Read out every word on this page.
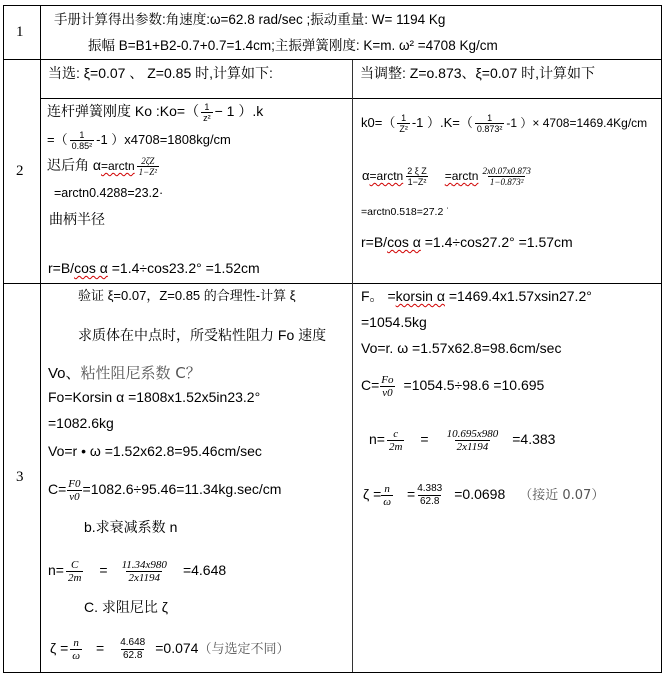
1
2
3
手册计算得出参数:角速度:ω=62.8 rad/sec ;振动重量: W= 1194 Kg
振幅 B=B1+B2-0.7+0.7=1.4cm;主振弹簧刚度: K=m. ω² =4708 Kg/cm
当选: ξ=0.07 、 Z=0.85 时,计算如下:	当调整: Z=o.873、ξ=0.07 时,计算如下
连杆弹簧刚度 Ko :Ko=（ $\frac{1}{\text{z²}} - 1$ ）.k
=（ $\frac{1}{\text{0.85²}} -1$ ）x4708=1808kg/cm
迟后角 α=arctn $\frac{2\zeta Z}{\text{1−Z²}}$
=arctn0.4288=23.2·
曲柄半径
r=B/cos α =1.4÷cos23.2° =1.52cm
$k0=( \frac{1}{\text{Z²}} -1$ ）$.K=( \frac{1}{\text{0.873²}} -1$ ）× 4708=1469.4Kg/cm
α=arctn $\frac{\text{2 ξ Z}}{\text{1−Z²}}$ =arctn $\frac{2x0.07x0.873}{\text{1−0.873²}}$
=arctn0.518=27.2 ˙
r=B/cos α =1.4÷cos27.2° =1.57cm
验证 ξ=0.07，Z=0.85 的合理性-计算 ξ
求质体在中点时，所受粘性阻力 Fo 速度
Vo、粘性阻尼系数 C？
Fo=Korsin α =1808x1.52x5in23.2°
=1082.6kg
Vo=r • ω =1.52x62.8=95.46cm/sec
$C= \frac{F0}{v0} =1082.6\div 95.46=11.34kg.\sec/cm$
b.求衰减系数 n
$n= \frac{C}{2m} = \frac{11.34x980}{2x1194} =4.648$
C. 求阻尼比 ζ
$\zeta = \frac{n}{\omega} = \frac{4.648}{62.8} =0.074$（与选定不同）
F。 =korsin α =1469.4x1.57xsin27.2°
=1054.5kg
Vo=r. ω =1.57x62.8=98.6cm/sec
$C= \frac{Fo}{v0} =1054.5\div 98.6 =10.695$
$n= \frac{c}{2m} = \frac{10.695x980}{2x1194} =4.383$
$\zeta = \frac{n}{\omega} = \frac{4.383}{62.8} =0.0698$ （接近 0.07）
